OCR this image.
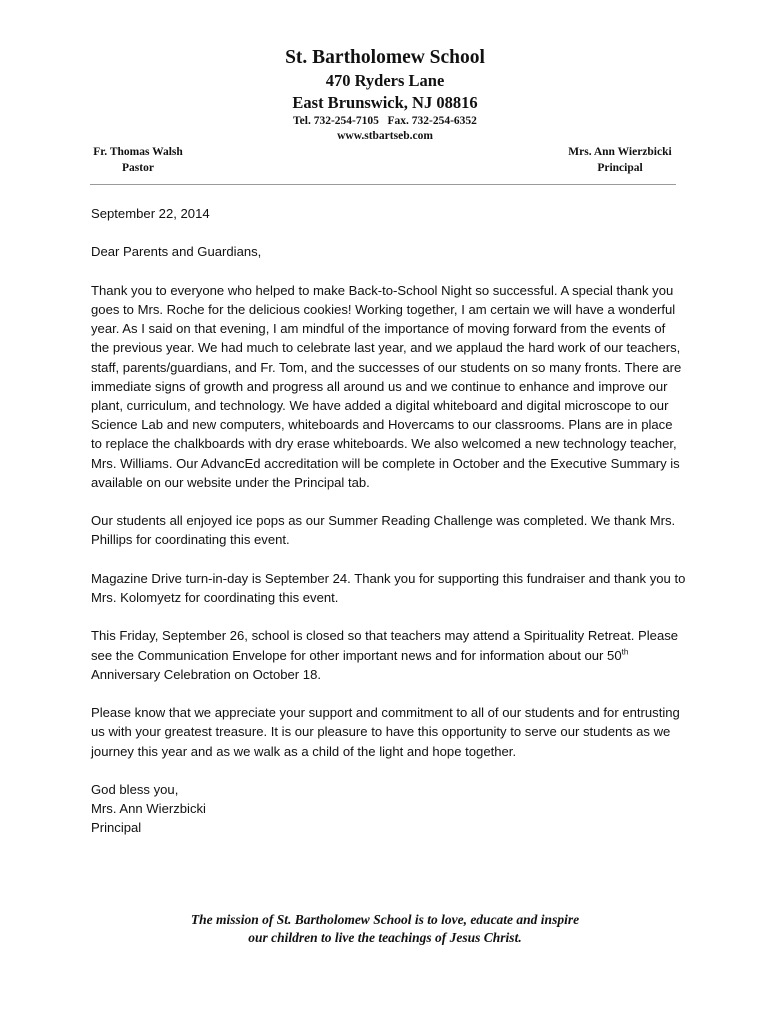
St. Bartholomew School
470 Ryders Lane
East Brunswick, NJ 08816
Tel. 732-254-7105   Fax. 732-254-6352
www.stbartseb.com
Fr. Thomas Walsh
Pastor
Mrs. Ann Wierzbicki
Principal

September 22, 2014

Dear Parents and Guardians,

Thank you to everyone who helped to make Back-to-School Night so successful. A special thank you goes to Mrs. Roche for the delicious cookies! Working together, I am certain we will have a wonderful year. As I said on that evening, I am mindful of the importance of moving forward from the events of the previous year. We had much to celebrate last year, and we applaud the hard work of our teachers, staff, parents/guardians, and Fr. Tom, and the successes of our students on so many fronts. There are immediate signs of growth and progress all around us and we continue to enhance and improve our plant, curriculum, and technology. We have added a digital whiteboard and digital microscope to our Science Lab and new computers, whiteboards and Hovercams to our classrooms. Plans are in place to replace the chalkboards with dry erase whiteboards. We also welcomed a new technology teacher, Mrs. Williams. Our AdvancEd accreditation will be complete in October and the Executive Summary is available on our website under the Principal tab.

Our students all enjoyed ice pops as our Summer Reading Challenge was completed. We thank Mrs. Phillips for coordinating this event.

Magazine Drive turn-in-day is September 24. Thank you for supporting this fundraiser and thank you to Mrs. Kolomyetz for coordinating this event.

This Friday, September 26, school is closed so that teachers may attend a Spirituality Retreat. Please see the Communication Envelope for other important news and for information about our 50th Anniversary Celebration on October 18.

Please know that we appreciate your support and commitment to all of our students and for entrusting us with your greatest treasure. It is our pleasure to have this opportunity to serve our students as we journey this year and as we walk as a child of the light and hope together.

God bless you,

Mrs. Ann Wierzbicki

Principal

The mission of St. Bartholomew School is to love, educate and inspire
our children to live the teachings of Jesus Christ.
